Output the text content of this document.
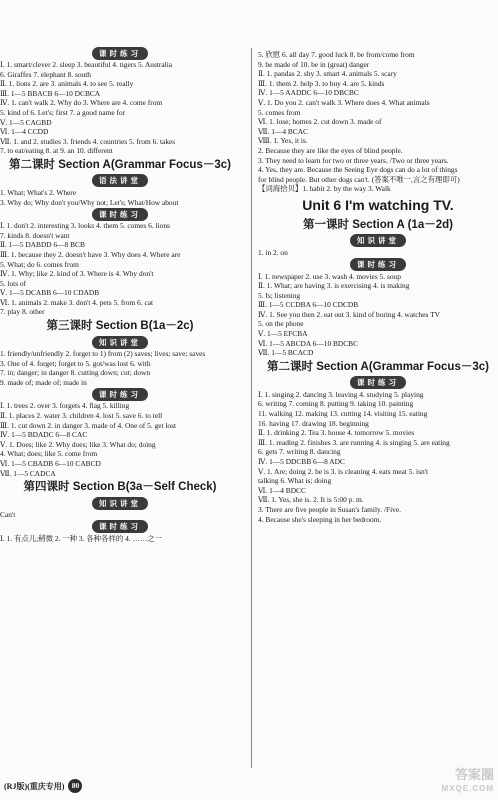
课时练习
Ⅰ. 1. smart/clever 2. sleep 3. beautiful 4. tigers 5. Australia
6. Giraffes 7. elephant 8. south
Ⅱ. 1. lions 2. are 3. animals 4. to see 5. really
Ⅲ. 1—5 BBACB 6—10 DCBCA
Ⅳ. 1. can't walk 2. Why do 3. Where are 4. come from
5. kind of 6. Let's; first 7. a good name for
Ⅴ. 1—5 CAGBD
Ⅵ. 1—4 CCDD
Ⅶ. 1. and 2. studies 3. friends 4. countries 5. from 6. takes
7. to eat/eating 8. at 9. an 10. different
第二课时 Section A(Grammar Focus－3c)
语法讲堂
1. What; What's 2. Where
3. Why do; Why don't you/Why not; Let's; What/How about
课时练习
Ⅰ. 1. don't 2. interesting 3. looks 4. them 5. comes 6. lions
7. kinds 8. doesn't want
Ⅱ. 1—5 DABDD 6—8 BCB
Ⅲ. 1. because they 2. doesn't have 3. Why does 4. Where are
5. What; do 6. comes from
Ⅳ. 1. Why; like 2. kind of 3. Where is 4. Why don't
5. lots of
Ⅴ. 1—5 DCABB 6—10 CDADB
Ⅵ. 1. animals 2. make 3. don't 4. pets 5. from 6. cat
7. play 8. other
第三课时 Section B(1a－2c)
知识讲堂
1. friendly/unfriendly 2. forget to 1) from (2) saves; lives; save; saves
3. One of 4. forget; forget to 5. got/was lost 6. with
7. in; danger; in danger 8. cutting down; cut; down
9. made of; made of; made in
课时练习
Ⅰ. 1. trees 2. over 3. forgets 4. flag 5. killing
Ⅱ. 1. places 2. water 3. children 4. lost 5. save 6. to tell
Ⅲ. 1. cut down 2. in danger 3. made of 4. One of 5. get lost
Ⅳ. 1—5 BDADC 6—8 CAC
Ⅴ. 1. Does; like 2. Why does; like 3. What do; doing
4. What; does; like 5. come from
Ⅵ. 1—5 CBADB 6—10 CABCD
Ⅶ. 1—5 CADCA
第四课时 Section B(3a－Self Check)
知识讲堂
Can't
课时练习
Ⅰ. 1. 有点儿;稍微 2. 一种 3. 各种各样的 4. ……之一
5. 欣慰 6. all day 7. good luck 8. be from/come from
9. be made of 10. be in (great) danger
Ⅱ. 1. pandas 2. shy 3. smart 4. animals 5. scary
Ⅲ. 1. them 2. help 3. to buy 4. are 5. kinds
Ⅳ. 1—5 AADDC 6—10 DBCBC
Ⅴ. 1. Do you 2. can't walk 3. Where does 4. What animals
5. comes from
Ⅵ. 1. lose; homes 2. cut down 3. made of
Ⅶ. 1—4 BCAC
Ⅷ. 1. Yes, it is.
2. Because they are like the eyes of blind people.
3. They need to learn for two or three years. /Two or three years.
4. Yes, they are. Because the Seeing Eye dogs can do a lot of things
for blind people. But other dogs can't. (答案不唯一,言之有理即可)
【词海拾贝】1. habit 2. by the way 3. Walk
Unit 6 I'm watching TV.
第一课时 Section A (1a－2d)
知识讲堂
1. in 2. on
课时练习
Ⅰ. 1. newspaper 2. use 3. wash 4. movies 5. soup
Ⅱ. 1. What; are having 3. is exercising 4. is making
5. Is; listening
Ⅲ. 1—5 CCDBA 6—10 CDCDB
Ⅳ. 1. See you then 2. eat out 3. kind of boring 4. watches TV
5. on the phone
Ⅴ. 1—5 EFCBA
Ⅵ. 1—5 ABCDA 6—10 BDCBC
Ⅶ. 1—5 BCACD
第二课时 Section A(Grammar Focus－3c)
课时练习
Ⅰ. 1. singing 2. dancing 3. leaving 4. studying 5. playing
6. writing 7. coming 8. putting 9. taking 10. painting
11. walking 12. making 13. cutting 14. visiting 15. eating
16. having 17. drawing 18. beginning
Ⅱ. 1. drinking 2. Tea 3. house 4. tomorrow 5. movies
Ⅲ. 1. reading 2. finishes 3. are running 4. is singing 5. are eating
6. gets 7. writing 8. dancing
Ⅳ. 1—5 DDCBB 6—8 ADC
Ⅴ. 1. Are; doing 2. he is 3. is cleaning 4. eats meat 5. isn't
talking 6. What is; doing
Ⅵ. 1—4 BDCC
Ⅶ. 1. Yes, she is. 2. It is 5:00 p. m.
3. There are five people in Susan's family. /Five.
4. Because she's sleeping in her bedroom.
(RJ版)(重庆专用) 80
答案圈
MXQE.COM
